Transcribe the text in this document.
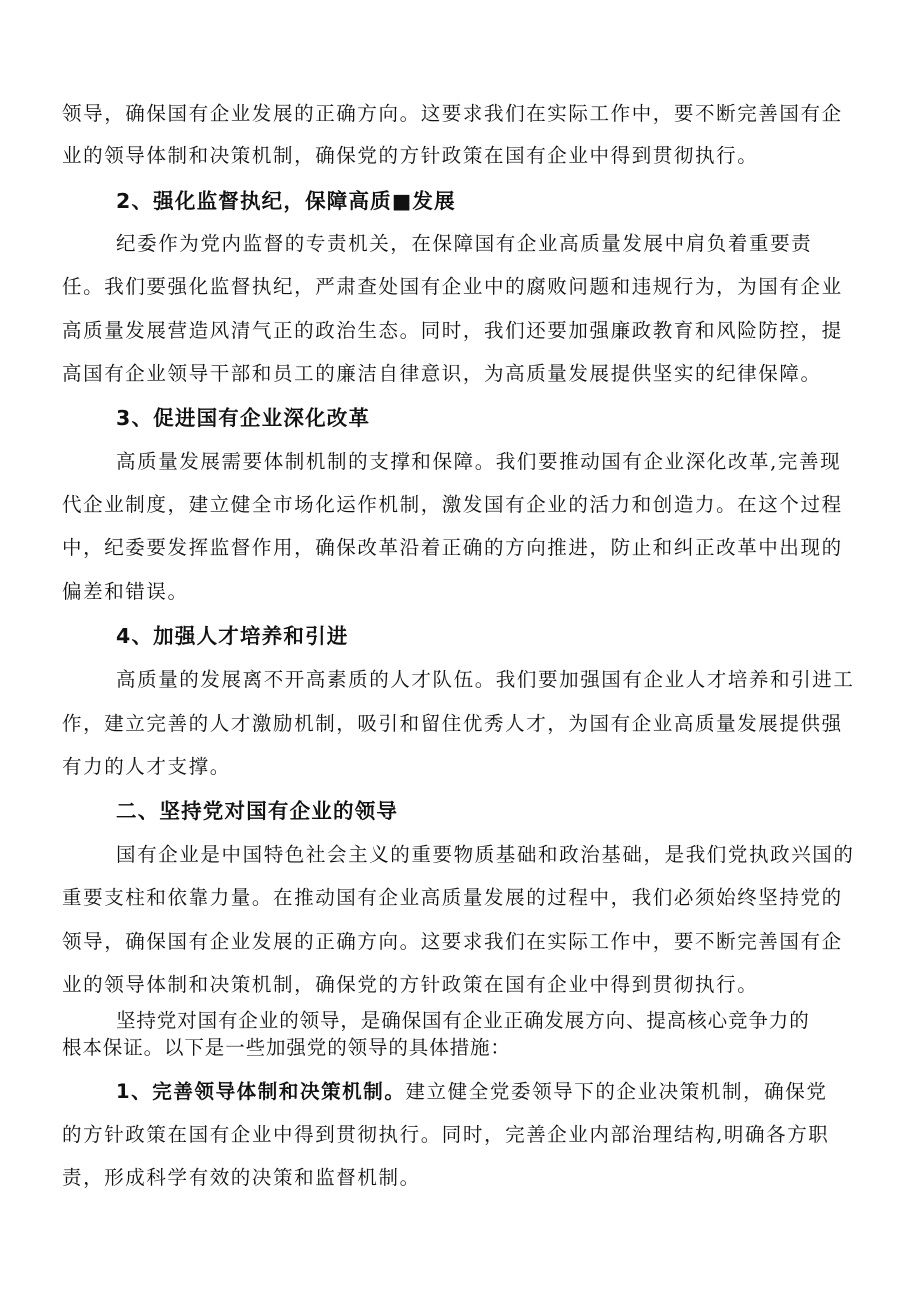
领导，确保国有企业发展的正确方向。这要求我们在实际工作中，要不断完善国有企
业的领导体制和决策机制，确保党的方针政策在国有企业中得到贯彻执行。
2、强化监督执纪，保障高质■发展
纪委作为党内监督的专责机关，在保障国有企业高质量发展中肩负着重要责
任。我们要强化监督执纪，严肃查处国有企业中的腐败问题和违规行为，为国有企业
高质量发展营造风清气正的政治生态。同时，我们还要加强廉政教育和风险防控，提
高国有企业领导干部和员工的廉洁自律意识，为高质量发展提供坚实的纪律保障。
3、促进国有企业深化改革
高质量发展需要体制机制的支撑和保障。我们要推动国有企业深化改革,完善现
代企业制度，建立健全市场化运作机制，激发国有企业的活力和创造力。在这个过程
中，纪委要发挥监督作用，确保改革沿着正确的方向推进，防止和纠正改革中出现的
偏差和错误。
4、加强人才培养和引进
高质量的发展离不开高素质的人才队伍。我们要加强国有企业人才培养和引进工
作，建立完善的人才激励机制，吸引和留住优秀人才，为国有企业高质量发展提供强
有力的人才支撑。
二、坚持党对国有企业的领导
国有企业是中国特色社会主义的重要物质基础和政治基础，是我们党执政兴国的
重要支柱和依靠力量。在推动国有企业高质量发展的过程中，我们必须始终坚持党的
领导，确保国有企业发展的正确方向。这要求我们在实际工作中，要不断完善国有企
业的领导体制和决策机制，确保党的方针政策在国有企业中得到贯彻执行。
坚持党对国有企业的领导，是确保国有企业正确发展方向、提高核心竞争力的
根本保证。以下是一些加强党的领导的具体措施：
1、完善领导体制和决策机制。建立健全党委领导下的企业决策机制，确保党
的方针政策在国有企业中得到贯彻执行。同时，完善企业内部治理结构,明确各方职
责，形成科学有效的决策和监督机制。
